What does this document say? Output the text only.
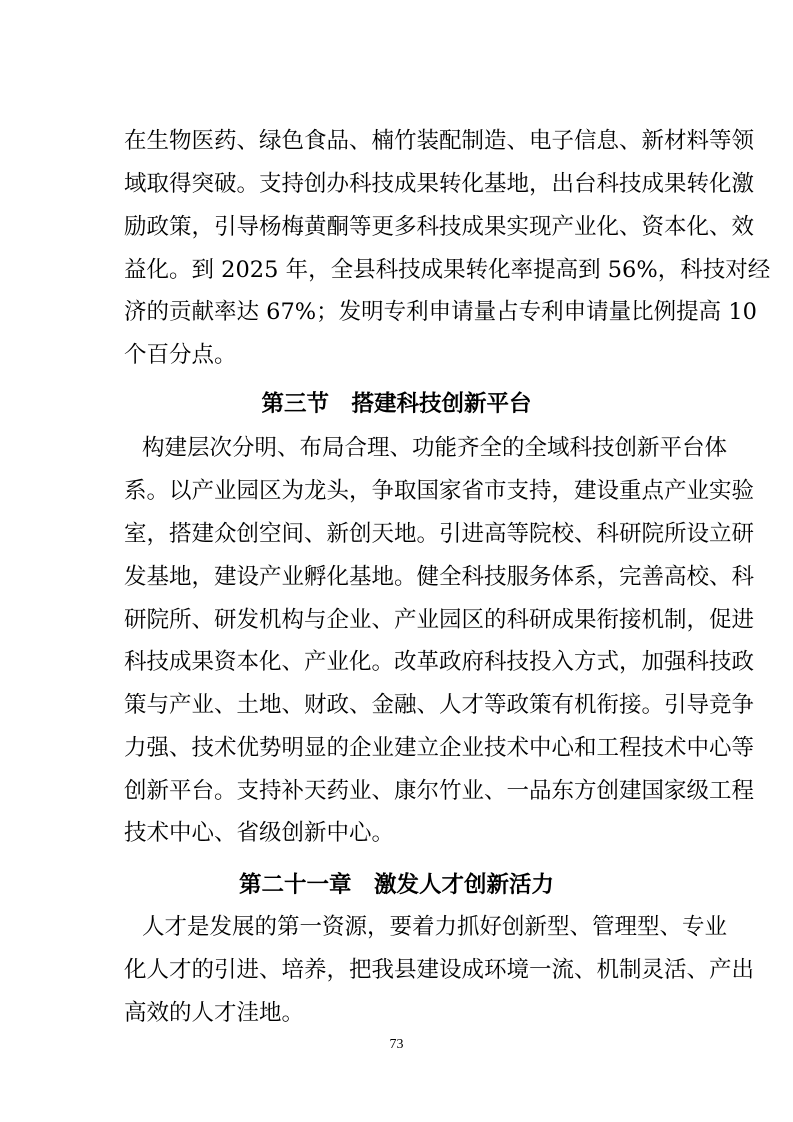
在生物医药、绿色食品、楠竹装配制造、电子信息、新材料等领
域取得突破。支持创办科技成果转化基地，出台科技成果转化激
励政策，引导杨梅黄酮等更多科技成果实现产业化、资本化、效
益化。到 2025 年，全县科技成果转化率提高到 56%，科技对经
济的贡献率达 67%；发明专利申请量占专利申请量比例提高 10
个百分点。
第三节　搭建科技创新平台
构建层次分明、布局合理、功能齐全的全域科技创新平台体
系。以产业园区为龙头，争取国家省市支持，建设重点产业实验
室，搭建众创空间、新创天地。引进高等院校、科研院所设立研
发基地，建设产业孵化基地。健全科技服务体系，完善高校、科
研院所、研发机构与企业、产业园区的科研成果衔接机制，促进
科技成果资本化、产业化。改革政府科技投入方式，加强科技政
策与产业、土地、财政、金融、人才等政策有机衔接。引导竞争
力强、技术优势明显的企业建立企业技术中心和工程技术中心等
创新平台。支持补天药业、康尔竹业、一品东方创建国家级工程
技术中心、省级创新中心。
第二十一章　激发人才创新活力
人才是发展的第一资源，要着力抓好创新型、管理型、专业
化人才的引进、培养，把我县建设成环境一流、机制灵活、产出
高效的人才洼地。
73
